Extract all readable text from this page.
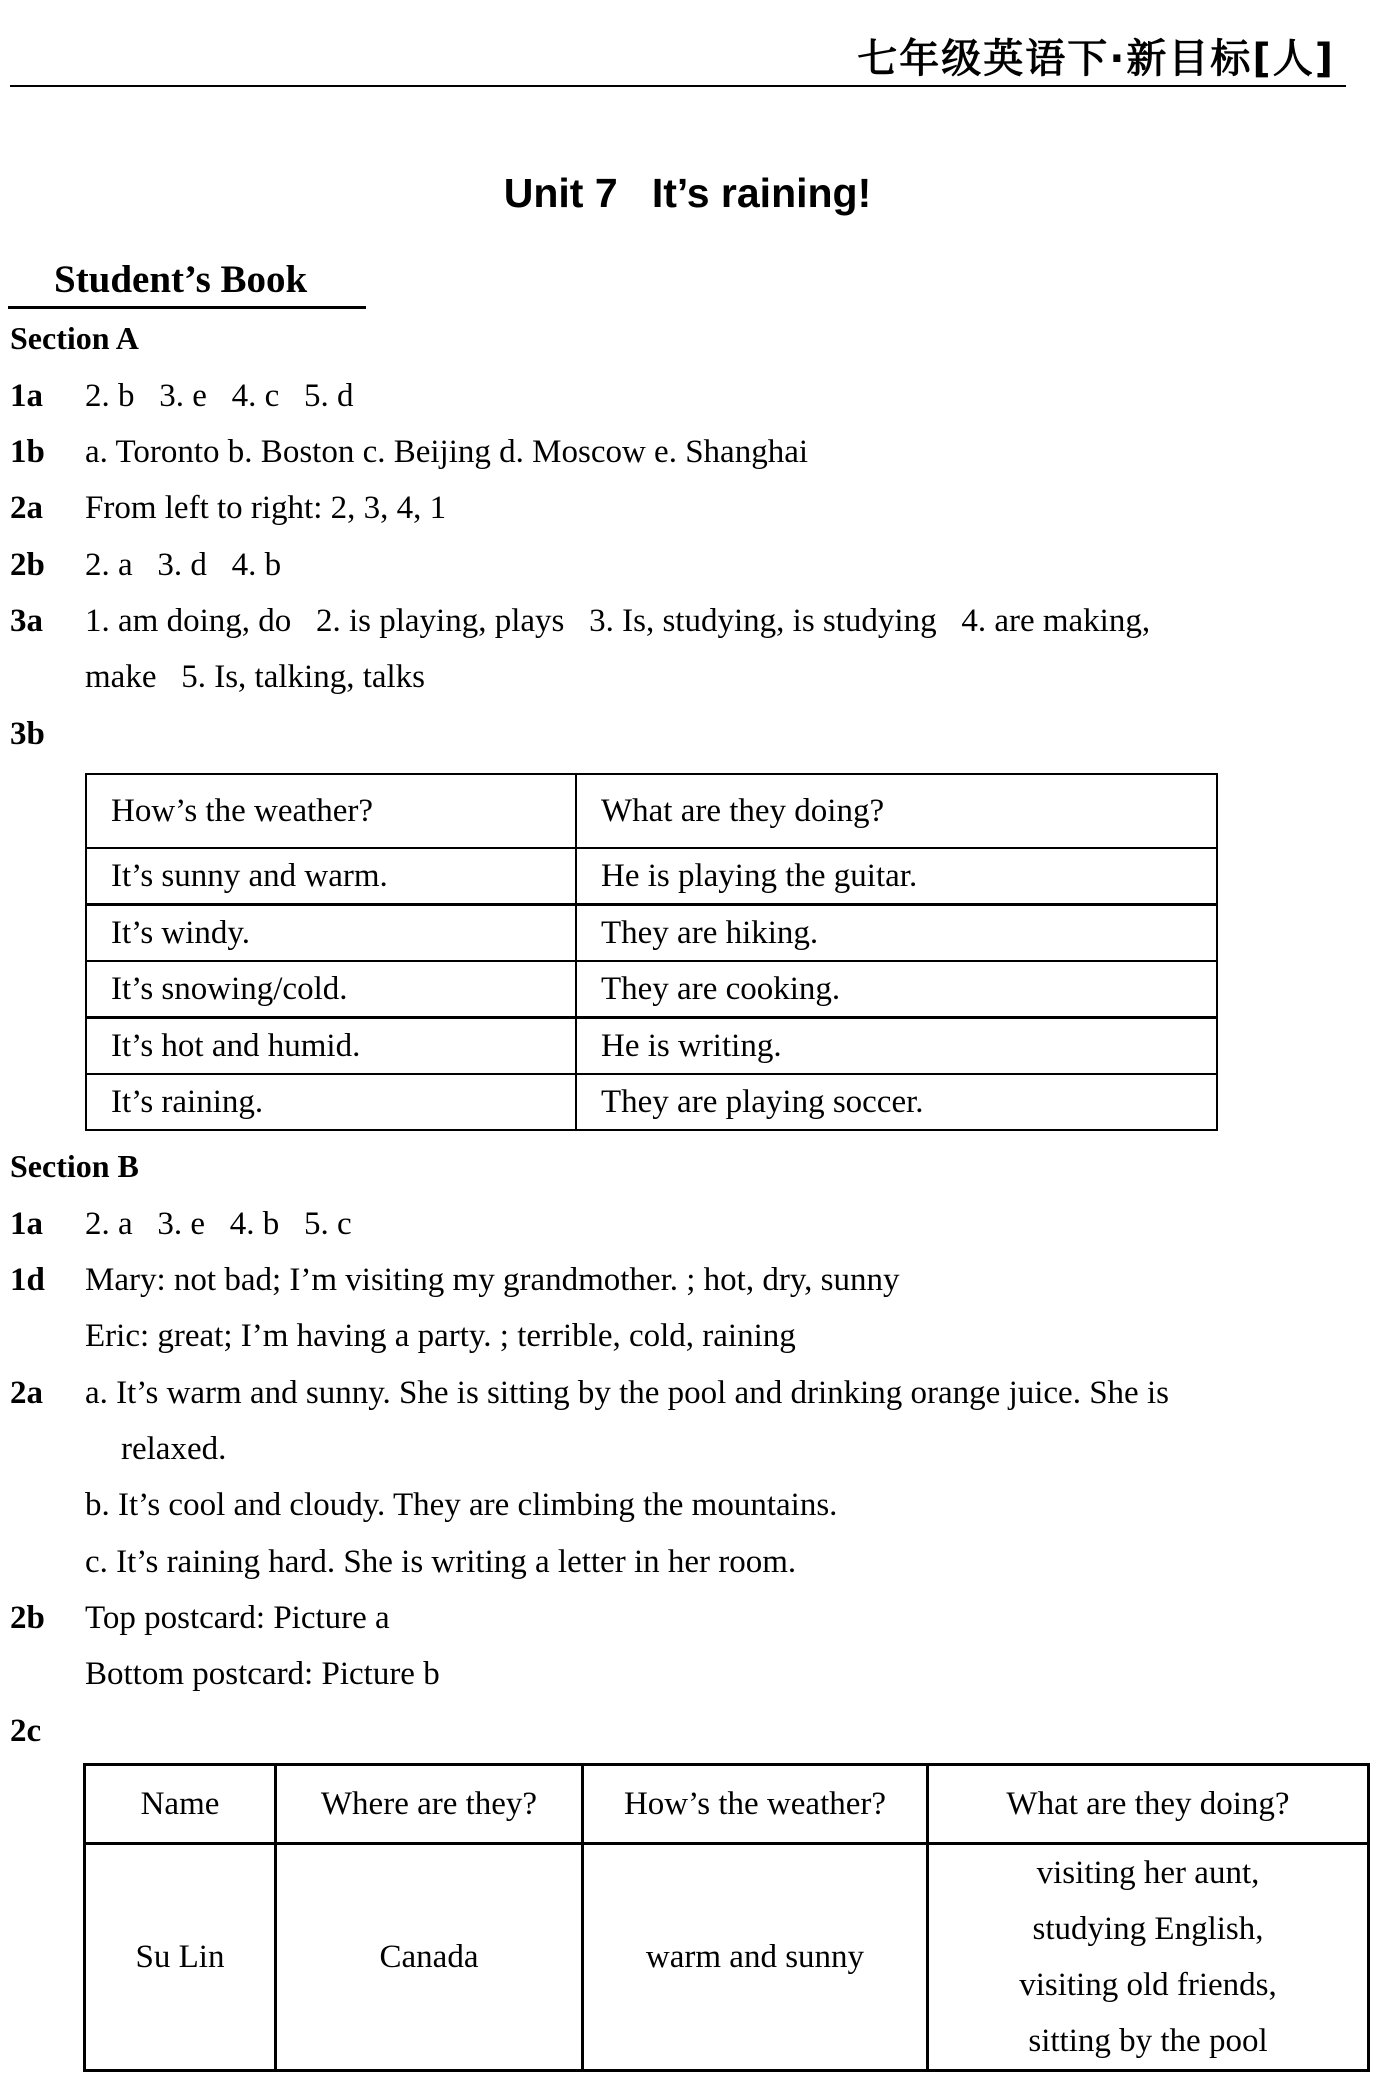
七年级英语下·新目标[人]
Unit 7   It’s raining!
Student’s Book
Section A
1a 2. b   3. e   4. c   5. d
1b a. Toronto b. Boston c. Beijing d. Moscow e. Shanghai
2a From left to right: 2, 3, 4, 1
2b 2. a   3. d   4. b
3a 1. am doing, do   2. is playing, plays   3. Is, studying, is studying   4. are making,
make   5. Is, talking, talks
3b
How’s the weather?	What are they doing?
It’s sunny and warm.	He is playing the guitar.
It’s windy.	They are hiking.
It’s snowing/cold.	They are cooking.
It’s hot and humid.	He is writing.
It’s raining.	They are playing soccer.
Section B
1a 2. a   3. e   4. b   5. c
1d Mary: not bad; I’m visiting my grandmother. ; hot, dry, sunny
Eric: great; I’m having a party. ; terrible, cold, raining
2a a. It’s warm and sunny. She is sitting by the pool and drinking orange juice. She is
relaxed.
b. It’s cool and cloudy. They are climbing the mountains.
c. It’s raining hard. She is writing a letter in her room.
2b Top postcard: Picture a
Bottom postcard: Picture b
2c
Name	Where are they?	How’s the weather?	What are they doing?
Su Lin	Canada	warm and sunny	visiting her aunt,
studying English,
visiting old friends,
sitting by the pool
